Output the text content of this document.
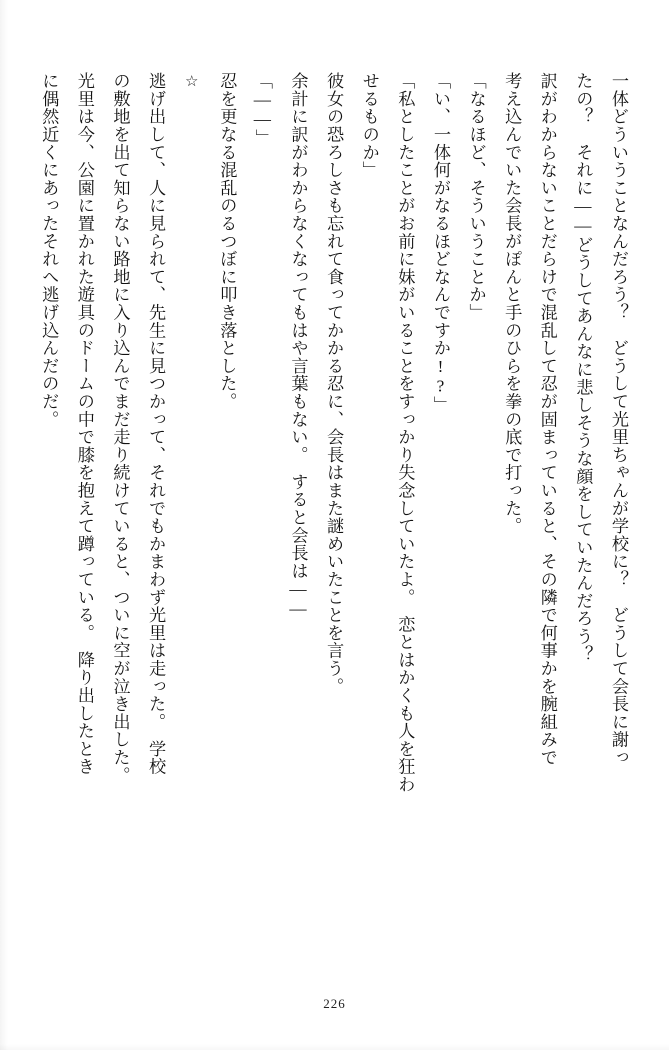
一体どういうことなんだろう？　どうして光里ちゃんが学校に？　どうして会長に謝っ

たの？　それに――どうしてあんなに悲しそうな顔をしていたんだろう？

訳がわからないことだらけで混乱して忍が固まっていると、その隣で何事かを腕組みで

考え込んでいた会長がぽんと手のひらを拳の底で打った。

「なるほど、そういうことか」

「い、一体何がなるほどなんですか!?」

「私としたことがお前に妹がいることをすっかり失念していたよ。　恋とはかくも人を狂わ

せるものか」

彼女の恐ろしさも忘れて食ってかかる忍に、会長はまた謎めいたことを言う。

余計に訳がわからなくなってもはや言葉もない。　すると会長は――

「――」

忍を更なる混乱のるつぼに叩き落とした。

☆

逃げ出して、人に見られて、先生に見つかって、それでもかまわず光里は走った。　学校

の敷地を出て知らない路地に入り込んでまだ走り続けていると、ついに空が泣き出した。

光里は今、公園に置かれた遊具のドームの中で膝を抱えて蹲っている。　降り出したとき

に偶然近くにあったそれへ逃げ込んだのだ。

226
